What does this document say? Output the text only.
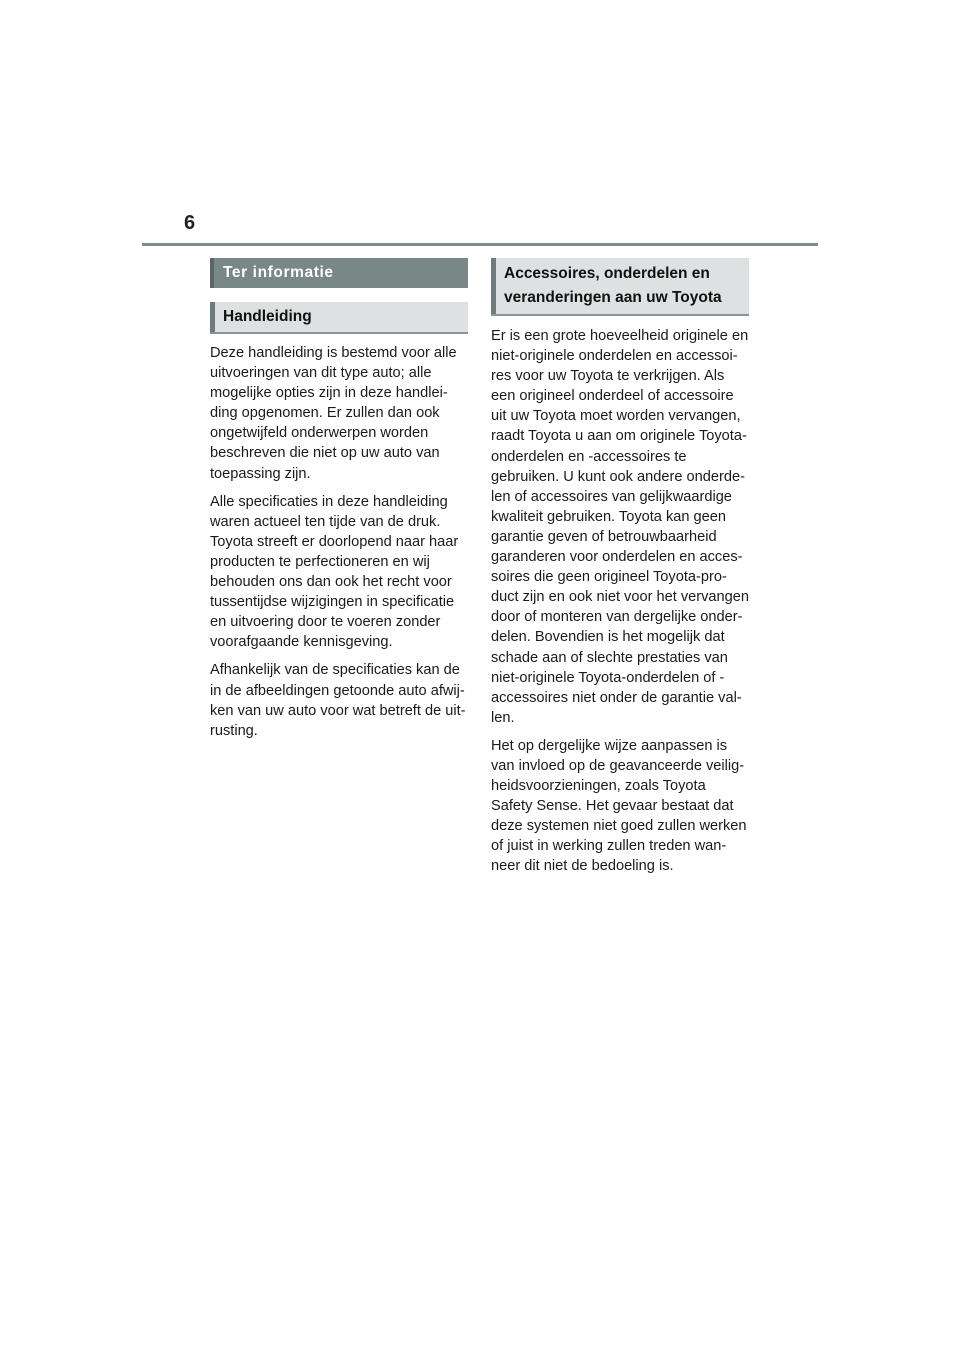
6
Ter informatie
Handleiding

Deze handleiding is bestemd voor alle uitvoeringen van dit type auto; alle mogelijke opties zijn in deze handlei-ding opgenomen. Er zullen dan ook ongetwijfeld onderwerpen worden beschreven die niet op uw auto van toepassing zijn.

Alle specificaties in deze handleiding waren actueel ten tijde van de druk. Toyota streeft er doorlopend naar haar producten te perfectioneren en wij behouden ons dan ook het recht voor tussentijdse wijzigingen in specificatie en uitvoering door te voeren zonder voorafgaande kennisgeving.

Afhankelijk van de specificaties kan de in de afbeeldingen getoonde auto afwij-ken van uw auto voor wat betreft de uit-rusting.

Accessoires, onderdelen en veranderingen aan uw Toyota

Er is een grote hoeveelheid originele en niet-originele onderdelen en accessoi-res voor uw Toyota te verkrijgen. Als een origineel onderdeel of accessoire uit uw Toyota moet worden vervangen, raadt Toyota u aan om originele Toyota-onderdelen en -accessoires te gebruiken. U kunt ook andere onderde-len of accessoires van gelijkwaardige kwaliteit gebruiken. Toyota kan geen garantie geven of betrouwbaarheid garanderen voor onderdelen en acces-soires die geen origineel Toyota-pro-duct zijn en ook niet voor het vervangen door of monteren van dergelijke onder-delen. Bovendien is het mogelijk dat schade aan of slechte prestaties van niet-originele Toyota-onderdelen of -accessoires niet onder de garantie val-len.

Het op dergelijke wijze aanpassen is van invloed op de geavanceerde veilig-heidsvoorzieningen, zoals Toyota Safety Sense. Het gevaar bestaat dat deze systemen niet goed zullen werken of juist in werking zullen treden wan-neer dit niet de bedoeling is.
